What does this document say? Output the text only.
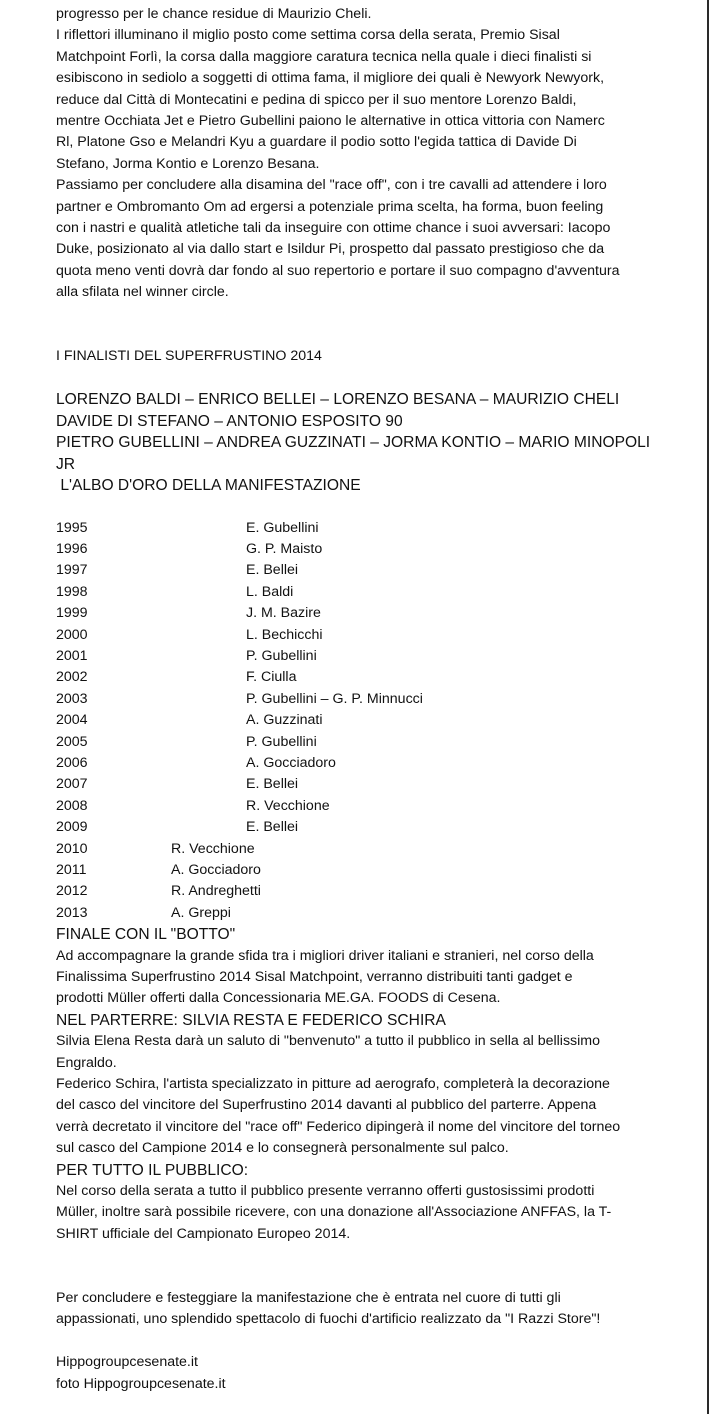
progresso per le chance residue di Maurizio Cheli.

I riflettori illuminano il miglio posto come settima corsa della serata, Premio Sisal

Matchpoint Forlì, la corsa dalla maggiore caratura tecnica nella quale i dieci finalisti si

esibiscono in sediolo a soggetti di ottima fama, il migliore dei quali è Newyork Newyork,

reduce dal Città di Montecatini e pedina di spicco per il suo mentore Lorenzo Baldi,

mentre Occhiata Jet e Pietro Gubellini paiono le alternative in ottica vittoria con Namerc

Rl, Platone Gso e Melandri Kyu a guardare il podio sotto l'egida tattica di Davide Di

Stefano, Jorma Kontio e Lorenzo Besana.

Passiamo per concludere alla disamina del "race off", con i tre cavalli ad attendere i loro

partner e Ombromanto Om ad ergersi a potenziale prima scelta, ha forma, buon feeling

con i nastri e qualità atletiche tali da inseguire con ottime chance i suoi avversari: Iacopo

Duke, posizionato al via dallo start e Isildur Pi, prospetto dal passato prestigioso che da

quota meno venti dovrà dar fondo al suo repertorio e portare il suo compagno d'avventura

alla sfilata nel winner circle.

I FINALISTI DEL SUPERFRUSTINO 2014

LORENZO BALDI – ENRICO BELLEI – LORENZO BESANA – MAURIZIO CHELI

DAVIDE DI STEFANO – ANTONIO ESPOSITO 90

PIETRO GUBELLINI – ANDREA GUZZINATI – JORMA KONTIO – MARIO MINOPOLI

JR

L'ALBO D'ORO DELLA MANIFESTAZIONE

1995	E. Gubellini
1996	G. P. Maisto
1997	E. Bellei
1998	L. Baldi
1999	J. M. Bazire
2000	L. Bechicchi
2001	P. Gubellini
2002	F. Ciulla
2003	P. Gubellini – G. P. Minnucci
2004	A. Guzzinati
2005	P. Gubellini
2006	A. Gocciadoro
2007	E. Bellei
2008	R. Vecchione
2009	E. Bellei
2010	R. Vecchione
2011	A. Gocciadoro
2012	R. Andreghetti
2013	A. Greppi

FINALE CON IL "BOTTO"

Ad accompagnare la grande sfida tra i migliori driver italiani e stranieri, nel corso della

Finalissima Superfrustino 2014 Sisal Matchpoint, verranno distribuiti tanti gadget e

prodotti Müller offerti dalla Concessionaria ME.GA. FOODS di Cesena.

NEL PARTERRE: SILVIA RESTA E FEDERICO SCHIRA

Silvia Elena Resta darà un saluto di "benvenuto" a tutto il pubblico in sella al bellissimo

Engraldo.

Federico Schira, l'artista specializzato in pitture ad aerografo, completerà la decorazione

del casco del vincitore del Superfrustino 2014 davanti al pubblico del parterre. Appena

verrà decretato il vincitore del "race off" Federico dipingerà il nome del vincitore del torneo

sul casco del Campione 2014 e lo consegnerà personalmente sul palco.

PER TUTTO IL PUBBLICO:

Nel corso della serata a tutto il pubblico presente verranno offerti gustosissimi prodotti

Müller, inoltre sarà possibile ricevere, con una donazione all'Associazione ANFFAS, la T-

SHIRT ufficiale del Campionato Europeo 2014.

Per concludere e festeggiare la manifestazione che è entrata nel cuore di tutti gli

appassionati, uno splendido spettacolo di fuochi d'artificio realizzato da "I Razzi Store"!

Hippogroupcesenate.it

foto Hippogroupcesenate.it
